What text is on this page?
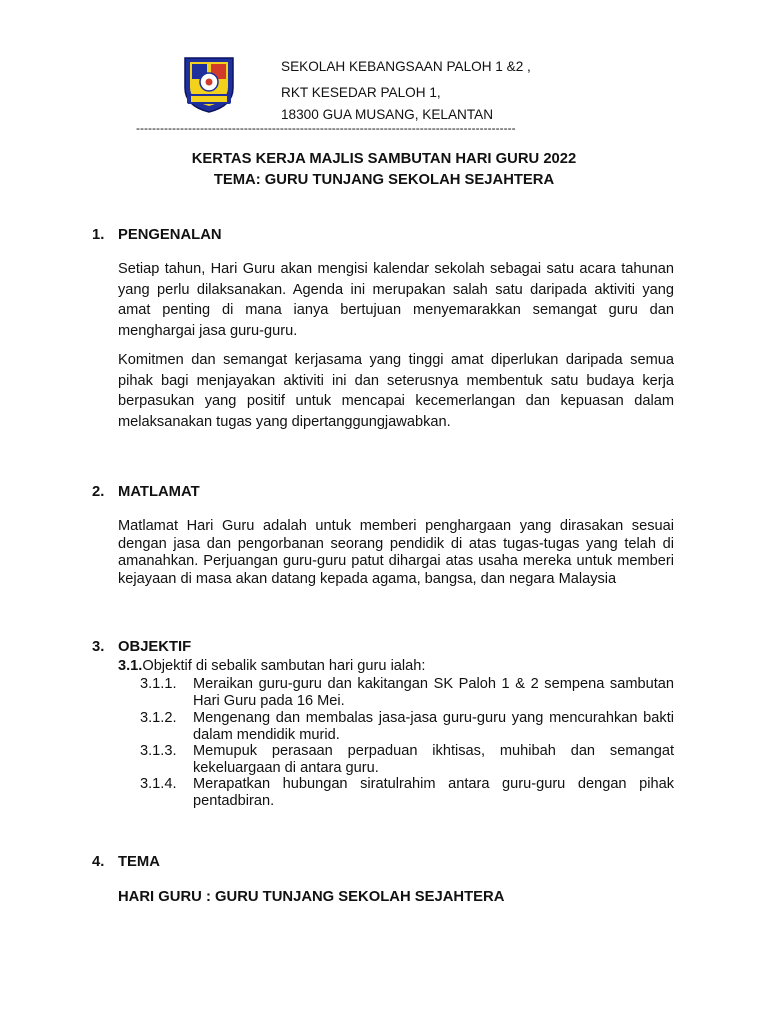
SEKOLAH KEBANGSAAN PALOH 1 &2 ,

RKT KESEDAR PALOH 1,

18300 GUA MUSANG, KELANTAN

-----------------------------------------------------------------------------------------------
KERTAS KERJA MAJLIS SAMBUTAN HARI GURU 2022
TEMA: GURU TUNJANG SEKOLAH SEJAHTERA
1. PENGENALAN

Setiap tahun, Hari Guru akan mengisi kalendar sekolah sebagai satu acara tahunan yang perlu dilaksanakan. Agenda ini merupakan salah satu daripada aktiviti yang amat penting di mana ianya bertujuan menyemarakkan semangat guru dan menghargai jasa guru-guru.

Komitmen dan semangat kerjasama yang tinggi amat diperlukan daripada semua pihak bagi menjayakan aktiviti ini dan seterusnya membentuk satu budaya kerja berpasukan yang positif untuk mencapai kecemerlangan dan kepuasan dalam melaksanakan tugas yang dipertanggungjawabkan.

2. MATLAMAT

Matlamat Hari Guru adalah untuk memberi penghargaan yang dirasakan sesuai dengan jasa dan pengorbanan seorang pendidik di atas tugas-tugas yang telah di amanahkan. Perjuangan guru-guru patut dihargai atas usaha mereka untuk memberi kejayaan di masa akan datang kepada agama, bangsa, dan negara Malaysia

3. OBJEKTIF

3.1.Objektif di sebalik sambutan hari guru ialah:

3.1.1.	Meraikan guru-guru dan kakitangan SK Paloh 1 & 2 sempena sambutan Hari Guru pada 16 Mei.
3.1.2.	Mengenang dan membalas jasa-jasa guru-guru yang mencurahkan bakti dalam mendidik murid.
3.1.3.	Memupuk perasaan perpaduan ikhtisas, muhibah dan semangat kekeluargaan di antara guru.
3.1.4.	Merapatkan hubungan siratulrahim antara guru-guru dengan pihak pentadbiran.
4. TEMA

HARI GURU : GURU TUNJANG SEKOLAH SEJAHTERA
